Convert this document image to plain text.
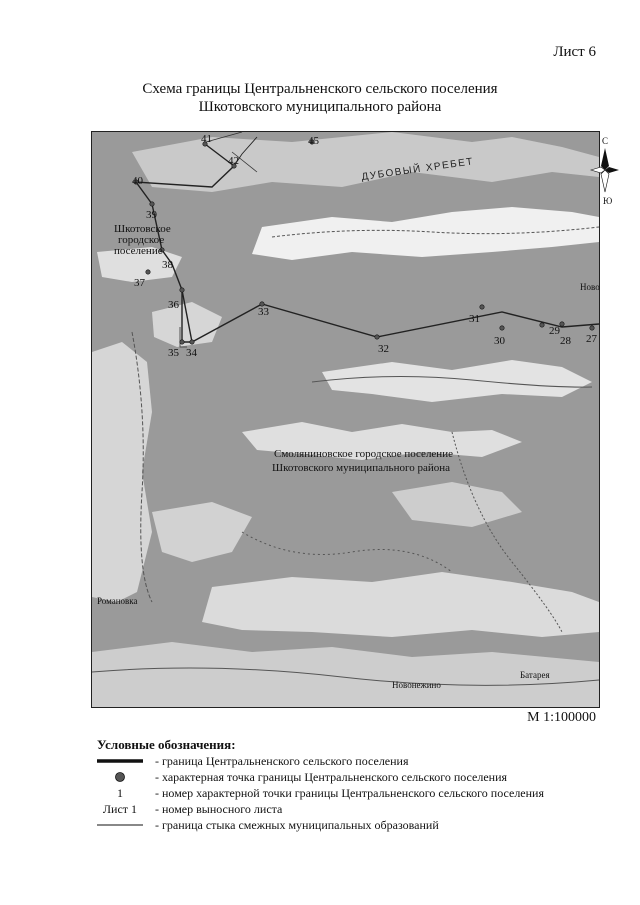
Лист 6
Схема границы Центральненского сельского поселения
Шкотовского муниципального района
41
42
45
40
39
38
37
36
35 34
33
32
31
30
29
28 27
ДУБОВЫЙ ХРЕБЕТ
Шкотовское
городское
поселение
Смоляниновское городское поселение
Шкотовского муниципального района
Романовка
Новонежино
Батарея
Ново
С
Ю
М 1:100000
Условные обозначения:
- граница Центральненского сельского поселения
- характерная точка границы Центральненского сельского поселения
1	- номер характерной точки границы Центральненского сельского поселения
Лист 1	- номер выносного листа
- граница стыка смежных муниципальных образований
